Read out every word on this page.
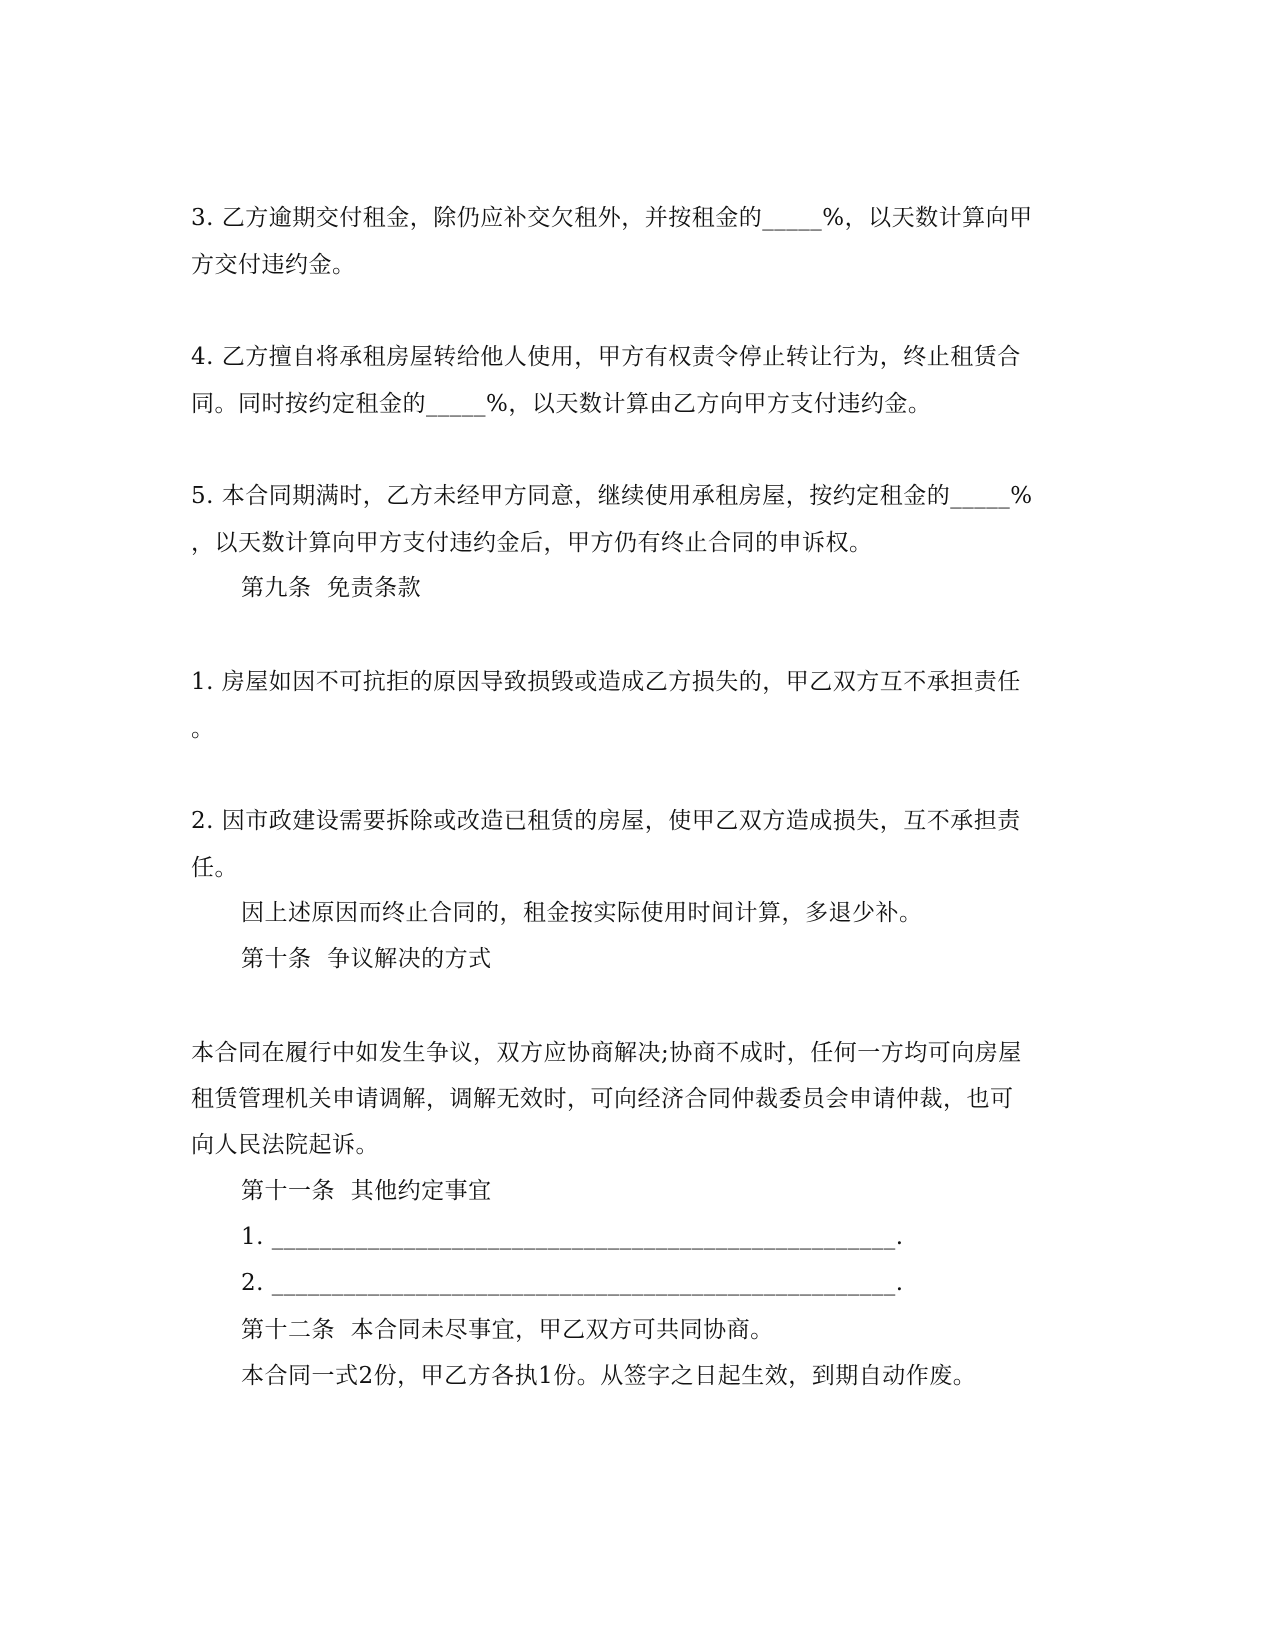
3. 乙方逾期交付租金，除仍应补交欠租外，并按租金的_____%，以天数计算向甲
方交付违约金。
4. 乙方擅自将承租房屋转给他人使用，甲方有权责令停止转让行为，终止租赁合
同。同时按约定租金的_____%，以天数计算由乙方向甲方支付违约金。
5. 本合同期满时，乙方未经甲方同意，继续使用承租房屋，按约定租金的_____%
，以天数计算向甲方支付违约金后，甲方仍有终止合同的申诉权。
第九条  免责条款
1. 房屋如因不可抗拒的原因导致损毁或造成乙方损失的，甲乙双方互不承担责任
。
2. 因市政建设需要拆除或改造已租赁的房屋，使甲乙双方造成损失，互不承担责
任。
因上述原因而终止合同的，租金按实际使用时间计算，多退少补。
第十条  争议解决的方式
本合同在履行中如发生争议，双方应协商解决;协商不成时，任何一方均可向房屋
租赁管理机关申请调解，调解无效时，可向经济合同仲裁委员会申请仲裁，也可
向人民法院起诉。
第十一条  其他约定事宜
1. ____________________________________________________.
2. ____________________________________________________.
第十二条  本合同未尽事宜，甲乙双方可共同协商。
本合同一式2份，甲乙方各执1份。从签字之日起生效，到期自动作废。
